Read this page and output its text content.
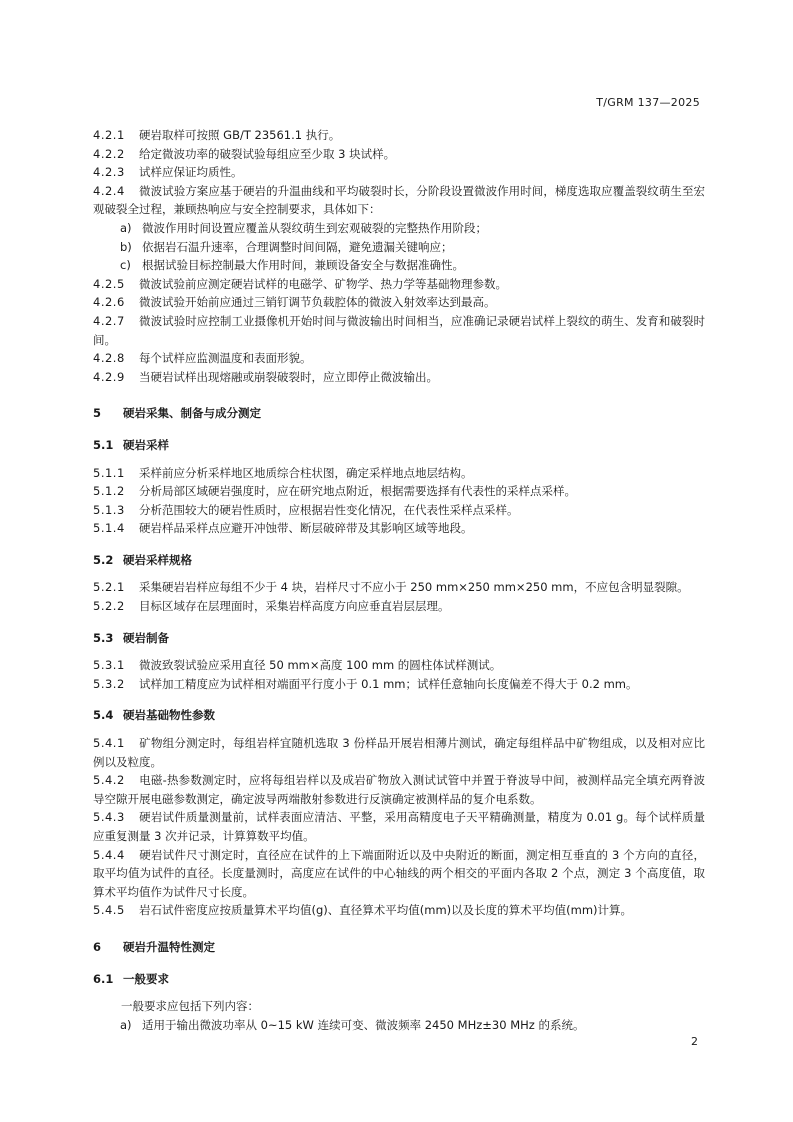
T/GRM 137—2025
4.2.1 硬岩取样可按照 GB/T 23561.1 执行。
4.2.2 给定微波功率的破裂试验每组应至少取 3 块试样。
4.2.3 试样应保证均质性。
4.2.4 微波试验方案应基于硬岩的升温曲线和平均破裂时长，分阶段设置微波作用时间，梯度选取应覆盖裂纹萌生至宏观破裂全过程，兼顾热响应与安全控制要求，具体如下：
a) 微波作用时间设置应覆盖从裂纹萌生到宏观破裂的完整热作用阶段；
b) 依据岩石温升速率，合理调整时间间隔，避免遗漏关键响应；
c) 根据试验目标控制最大作用时间，兼顾设备安全与数据准确性。
4.2.5 微波试验前应测定硬岩试样的电磁学、矿物学、热力学等基础物理参数。
4.2.6 微波试验开始前应通过三销钉调节负载腔体的微波入射效率达到最高。
4.2.7 微波试验时应控制工业摄像机开始时间与微波输出时间相当，应准确记录硬岩试样上裂纹的萌生、发育和破裂时间。
4.2.8 每个试样应监测温度和表面形貌。
4.2.9 当硬岩试样出现熔融或崩裂破裂时，应立即停止微波输出。
5 硬岩采集、制备与成分测定
5.1 硬岩采样
5.1.1 采样前应分析采样地区地质综合柱状图，确定采样地点地层结构。
5.1.2 分析局部区域硬岩强度时，应在研究地点附近，根据需要选择有代表性的采样点采样。
5.1.3 分析范围较大的硬岩性质时，应根据岩性变化情况，在代表性采样点采样。
5.1.4 硬岩样品采样点应避开冲蚀带、断层破碎带及其影响区域等地段。
5.2 硬岩采样规格
5.2.1 采集硬岩岩样应每组不少于 4 块，岩样尺寸不应小于 250 mm×250 mm×250 mm，不应包含明显裂隙。
5.2.2 目标区域存在层理面时，采集岩样高度方向应垂直岩层层理。
5.3 硬岩制备
5.3.1 微波致裂试验应采用直径 50 mm×高度 100 mm 的圆柱体试样测试。
5.3.2 试样加工精度应为试样相对端面平行度小于 0.1 mm；试样任意轴向长度偏差不得大于 0.2 mm。
5.4 硬岩基础物性参数
5.4.1 矿物组分测定时，每组岩样宜随机选取 3 份样品开展岩相薄片测试，确定每组样品中矿物组成，以及相对应比例以及粒度。
5.4.2 电磁-热参数测定时，应将每组岩样以及成岩矿物放入测试试管中并置于脊波导中间，被测样品完全填充两脊波导空隙开展电磁参数测定，确定波导两端散射参数进行反演确定被测样品的复介电系数。
5.4.3 硬岩试件质量测量前，试样表面应清洁、平整，采用高精度电子天平精确测量，精度为 0.01 g。每个试样质量应重复测量 3 次并记录，计算算数平均值。
5.4.4 硬岩试件尺寸测定时，直径应在试件的上下端面附近以及中央附近的断面，测定相互垂直的 3 个方向的直径，取平均值为试件的直径。长度量测时，高度应在试件的中心轴线的两个相交的平面内各取 2 个点，测定 3 个高度值，取算术平均值作为试件尺寸长度。
5.4.5 岩石试件密度应按质量算术平均值(g)、直径算术平均值(mm)以及长度的算术平均值(mm)计算。
6 硬岩升温特性测定
6.1 一般要求
一般要求应包括下列内容：
a) 适用于输出微波功率从 0~15 kW 连续可变、微波频率 2450 MHz±30 MHz 的系统。
2
